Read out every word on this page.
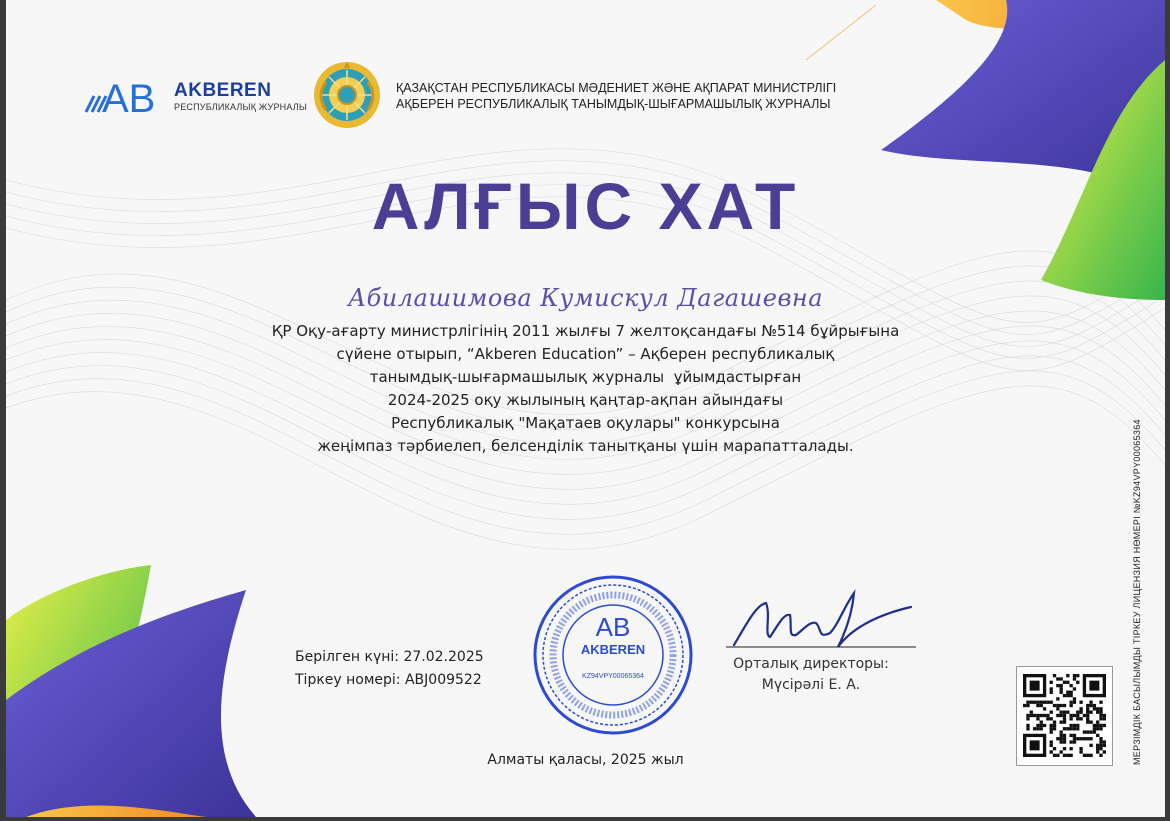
АВ AKBEREN
РЕСПУБЛИКАЛЫҚ ЖУРНАЛЫ
ҚАЗАҚСТАН РЕСПУБЛИКАСЫ МӘДЕНИЕТ ЖӘНЕ АҚПАРАТ МИНИСТРЛІГІ
АҚБЕРЕН РЕСПУБЛИКАЛЫҚ ТАНЫМДЫҚ-ШЫҒАРМАШЫЛЫҚ ЖУРНАЛЫ
АЛҒЫС ХАТ
Абилашимова Кумискул Дагашевна
ҚР Оқу-ағарту министрлігінің 2011 жылғы 7 желтоқсандағы №514 бұйрығына
сүйене отырып, “Akberen Education” – Ақберен республикалық
танымдық-шығармашылық журналы  ұйымдастырған
2024-2025 оқу жылының қаңтар-ақпан айындағы
Республикалық "Мақатаев оқулары" конкурсына
жеңімпаз тәрбиелеп, белсенділік танытқаны үшін марапатталады.
Берілген күні: 27.02.2025
Тіркеу номері: ABJ009522
АВ
AKBEREN
KZ94VPY00065364
Орталық директоры:
Мүсірәлі Е. А.
Алматы қаласы, 2025 жыл	МЕРЗІМДІК БАСЫЛЫМДЫ ТІРКЕУ ЛИЦЕНЗИЯ НӨМЕРІ №KZ94VPY00065364
